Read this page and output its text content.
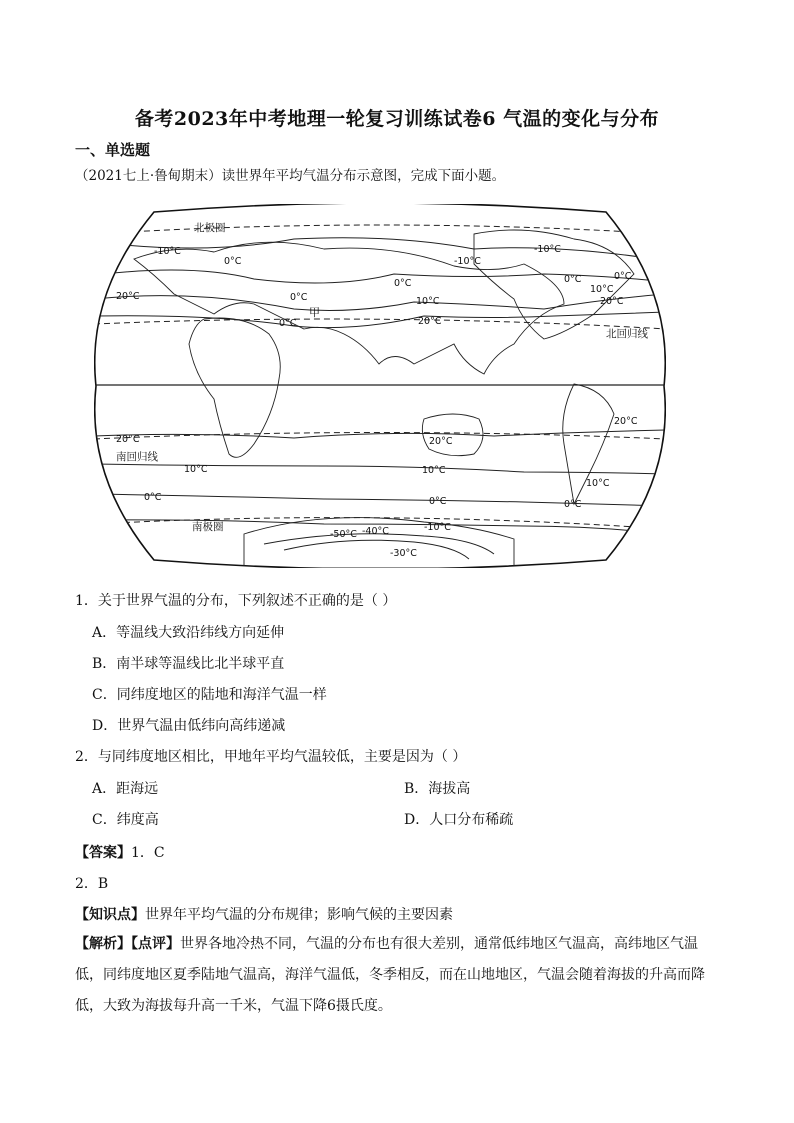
备考2023年中考地理一轮复习训练试卷6 气温的变化与分布
一、单选题
（2021七上·鲁甸期末）读世界年平均气温分布示意图，完成下面小题。
北极圈
北回归线
南回归线
南极圈
甲
-10°C
0°C
-10°C
0°C
20°C	0°C
0°C
-10°C
0°C
10°C
20°C
0°C
10°C
20°C
20°C	20°C
20°C
10°C	10°C
10°C
0°C	0°C	0°C
-10°C
-50°C -40°C
-30°C
1．关于世界气温的分布，下列叙述不正确的是（ ）
A．等温线大致沿纬线方向延伸
B．南半球等温线比北半球平直
C．同纬度地区的陆地和海洋气温一样
D．世界气温由低纬向高纬递减
2．与同纬度地区相比，甲地年平均气温较低，主要是因为（ ）
A．距海远	B．海拔高
C．纬度高	D．人口分布稀疏
【答案】1．C
2．B
【知识点】世界年平均气温的分布规律；影响气候的主要因素
【解析】【点评】世界各地冷热不同，气温的分布也有很大差别，通常低纬地区气温高，高纬地区气温低，同纬度地区夏季陆地气温高，海洋气温低，冬季相反，而在山地地区，气温会随着海拔的升高而降低，大致为海拔每升高一千米，气温下降6摄氏度。
